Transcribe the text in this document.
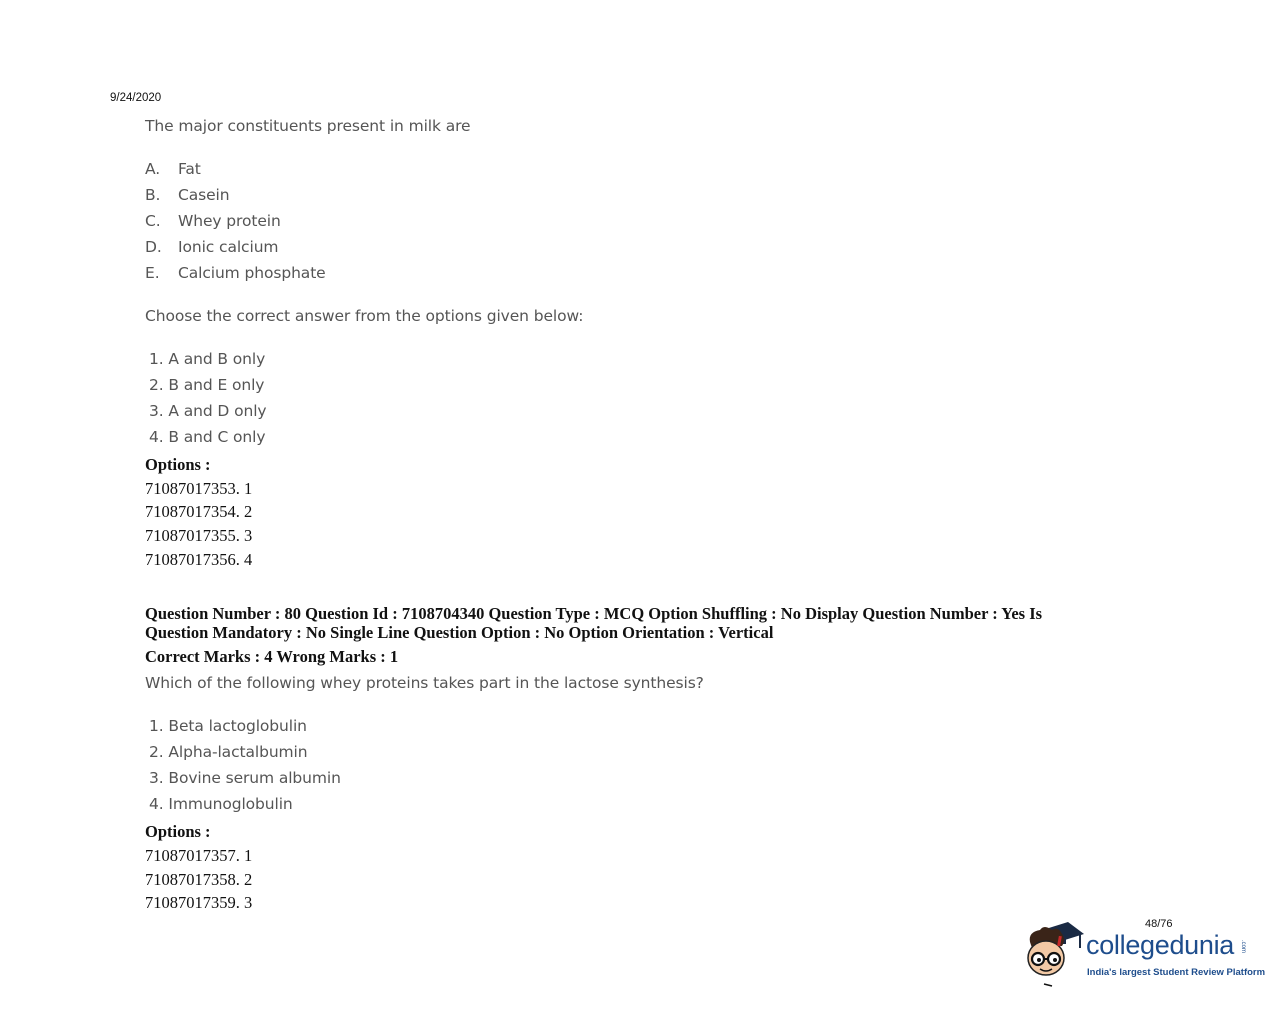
9/24/2020
The major constituents present in milk are
A. Fat
B. Casein
C. Whey protein
D. Ionic calcium
E. Calcium phosphate
Choose the correct answer from the options given below:
1. A and B only
2. B and E only
3. A and D only
4. B and C only
Options :
71087017353. 1
71087017354. 2
71087017355. 3
71087017356. 4
Question Number : 80 Question Id : 7108704340 Question Type : MCQ Option Shuffling : No Display Question Number : Yes Is
Question Mandatory : No Single Line Question Option : No Option Orientation : Vertical
Correct Marks : 4 Wrong Marks : 1
Which of the following whey proteins takes part in the lactose synthesis?
1. Beta lactoglobulin
2. Alpha-lactalbumin
3. Bovine serum albumin
4. Immunoglobulin
Options :
71087017357. 1
71087017358. 2
71087017359. 3
48/76
collegedunia .com
India's largest Student Review Platform
